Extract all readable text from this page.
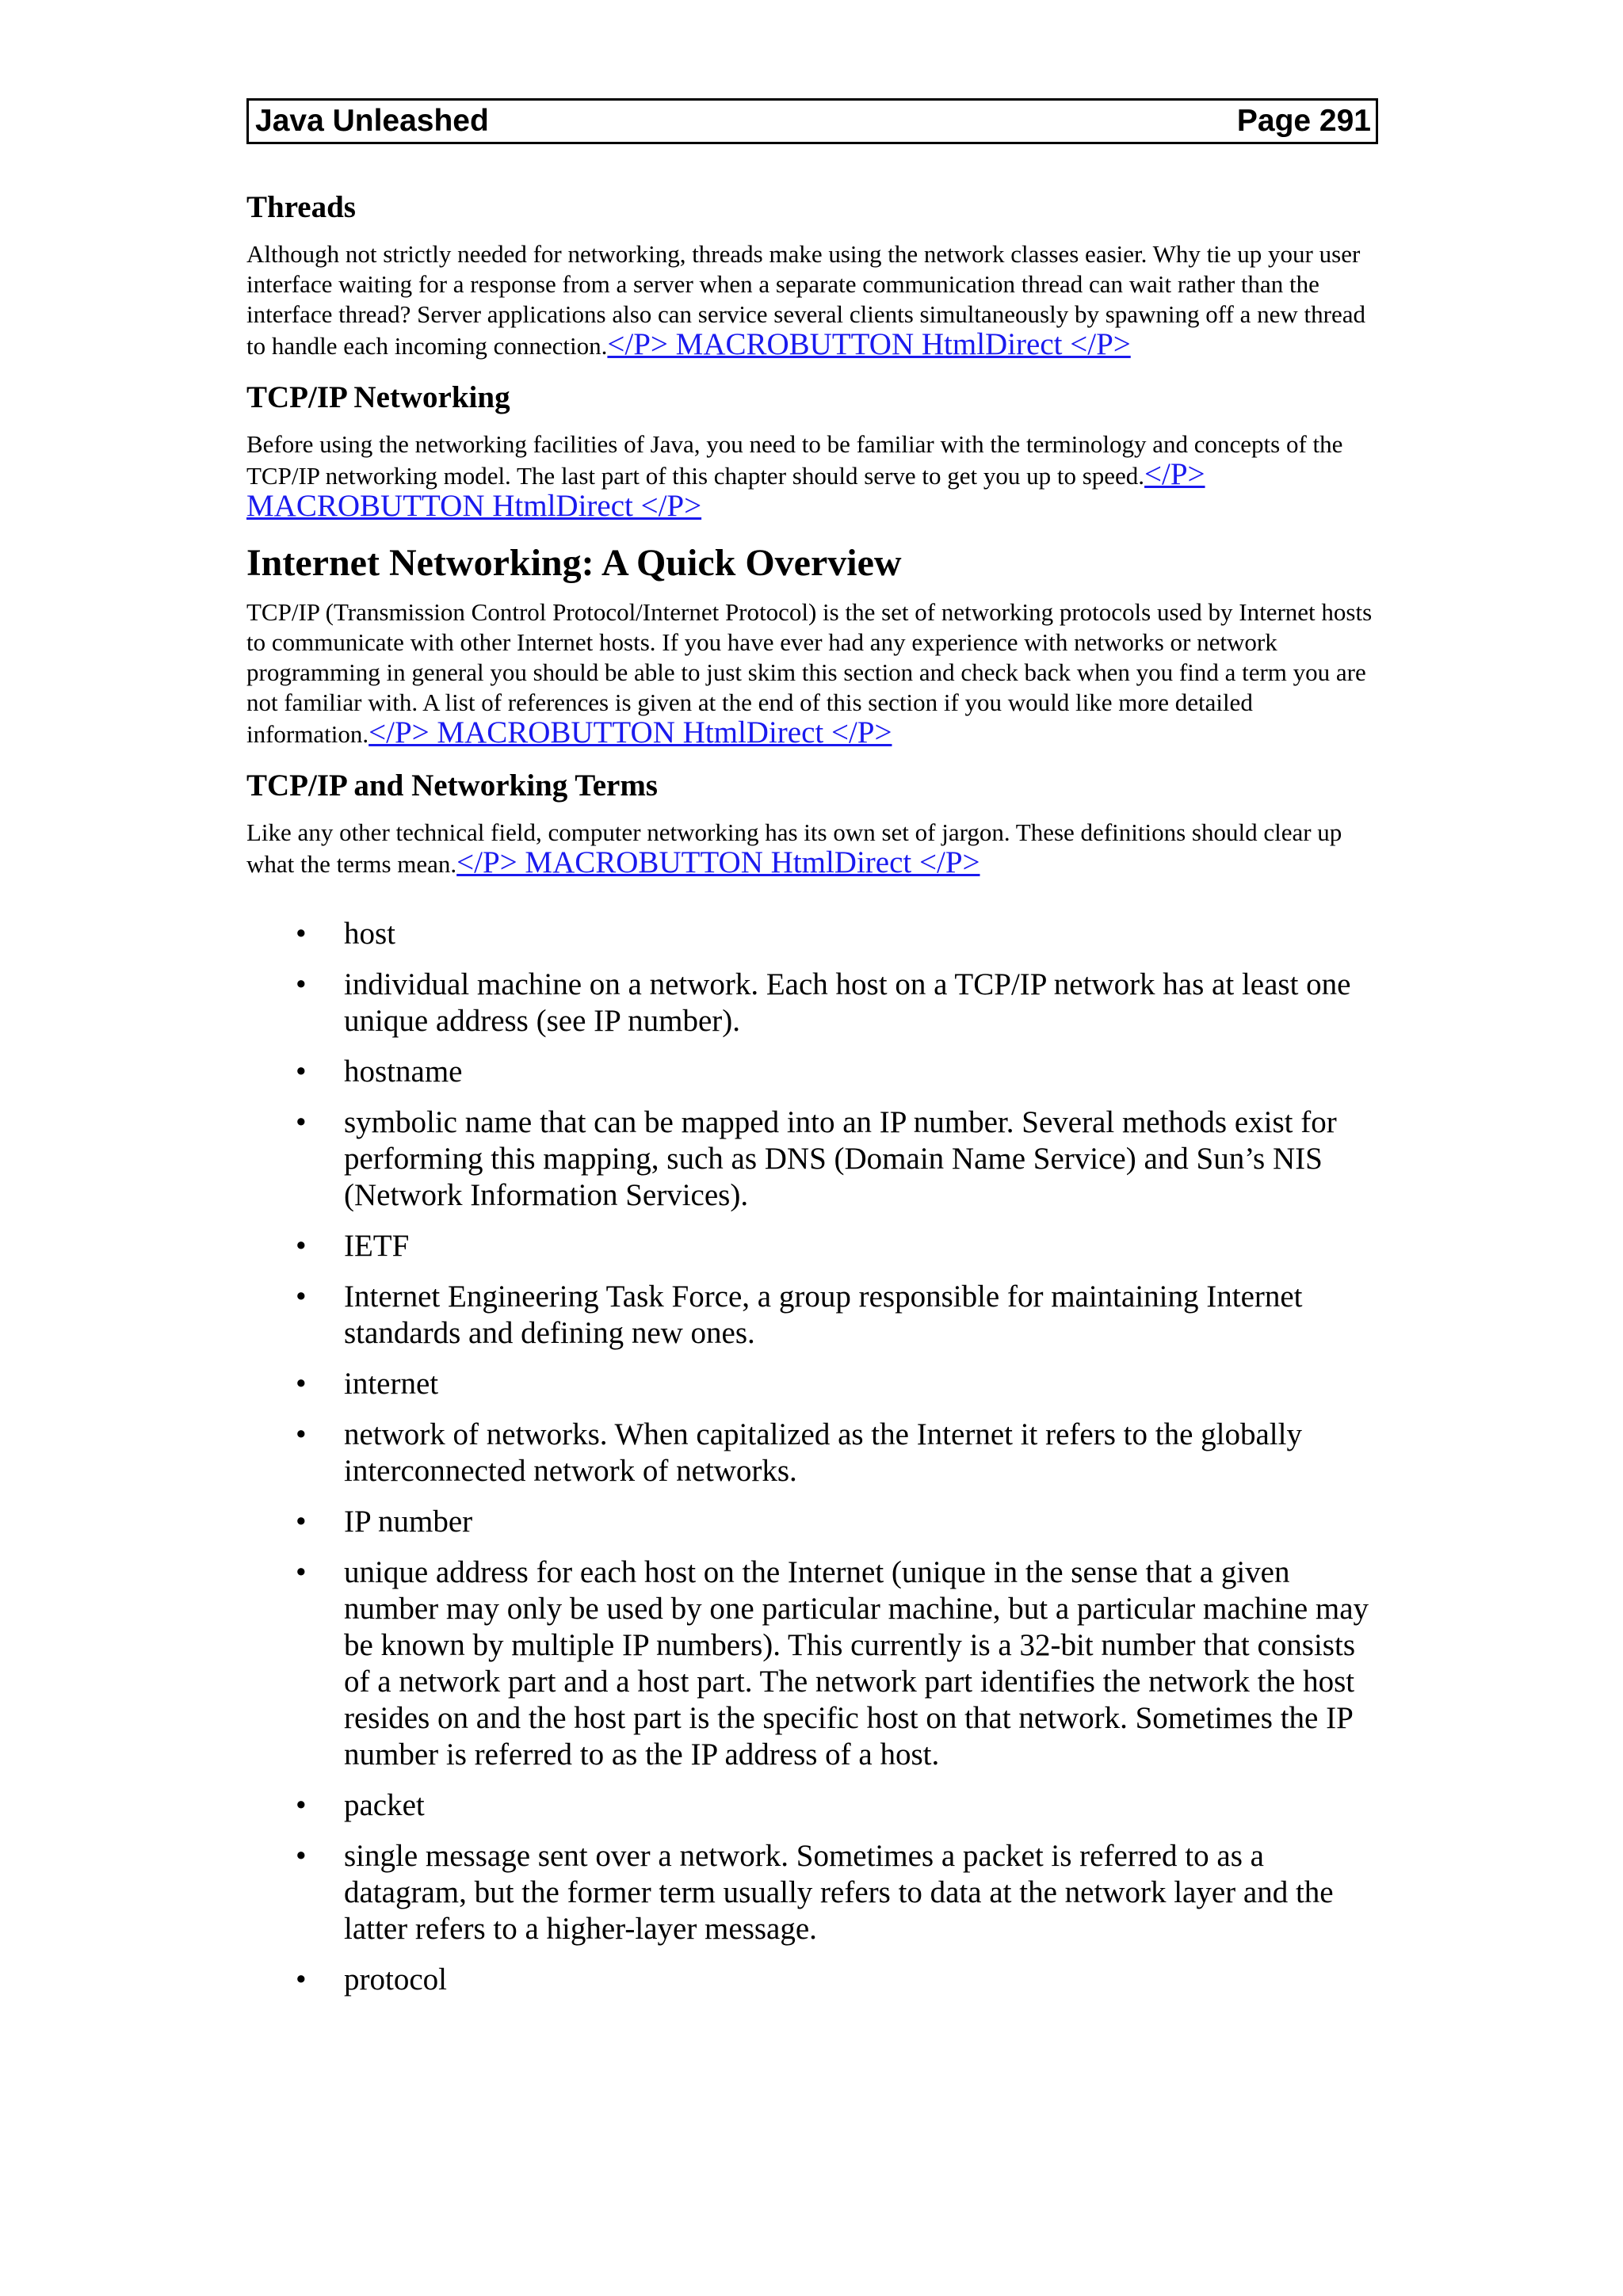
Java Unleashed	Page 291
Threads

Although not strictly needed for networking, threads make using the network classes easier. Why tie up your user interface waiting for a response from a server when a separate communication thread can wait rather than the interface thread? Server applications also can service several clients simultaneously by spawning off a new thread to handle each incoming connection.</P> MACROBUTTON HtmlDirect </P>

TCP/IP Networking

Before using the networking facilities of Java, you need to be familiar with the terminology and concepts of the TCP/IP networking model. The last part of this chapter should serve to get you up to speed.</P> MACROBUTTON HtmlDirect </P>

Internet Networking: A Quick Overview

TCP/IP (Transmission Control Protocol/Internet Protocol) is the set of networking protocols used by Internet hosts to communicate with other Internet hosts. If you have ever had any experience with networks or network programming in general you should be able to just skim this section and check back when you find a term you are not familiar with. A list of references is given at the end of this section if you would like more detailed information.</P> MACROBUTTON HtmlDirect </P>

TCP/IP and Networking Terms

Like any other technical field, computer networking has its own set of jargon. These definitions should clear up what the terms mean.</P> MACROBUTTON HtmlDirect </P>

• host
• individual machine on a network. Each host on a TCP/IP network has at least one unique address (see IP number).
• hostname
• symbolic name that can be mapped into an IP number. Several methods exist for performing this mapping, such as DNS (Domain Name Service) and Sun’s NIS (Network Information Services).
• IETF
• Internet Engineering Task Force, a group responsible for maintaining Internet standards and defining new ones.
• internet
• network of networks. When capitalized as the Internet it refers to the globally interconnected network of networks.
• IP number
• unique address for each host on the Internet (unique in the sense that a given number may only be used by one particular machine, but a particular machine may be known by multiple IP numbers). This currently is a 32-bit number that consists of a network part and a host part. The network part identifies the network the host resides on and the host part is the specific host on that network. Sometimes the IP number is referred to as the IP address of a host.
• packet
• single message sent over a network. Sometimes a packet is referred to as a datagram, but the former term usually refers to data at the network layer and the latter refers to a higher-layer message.
• protocol
